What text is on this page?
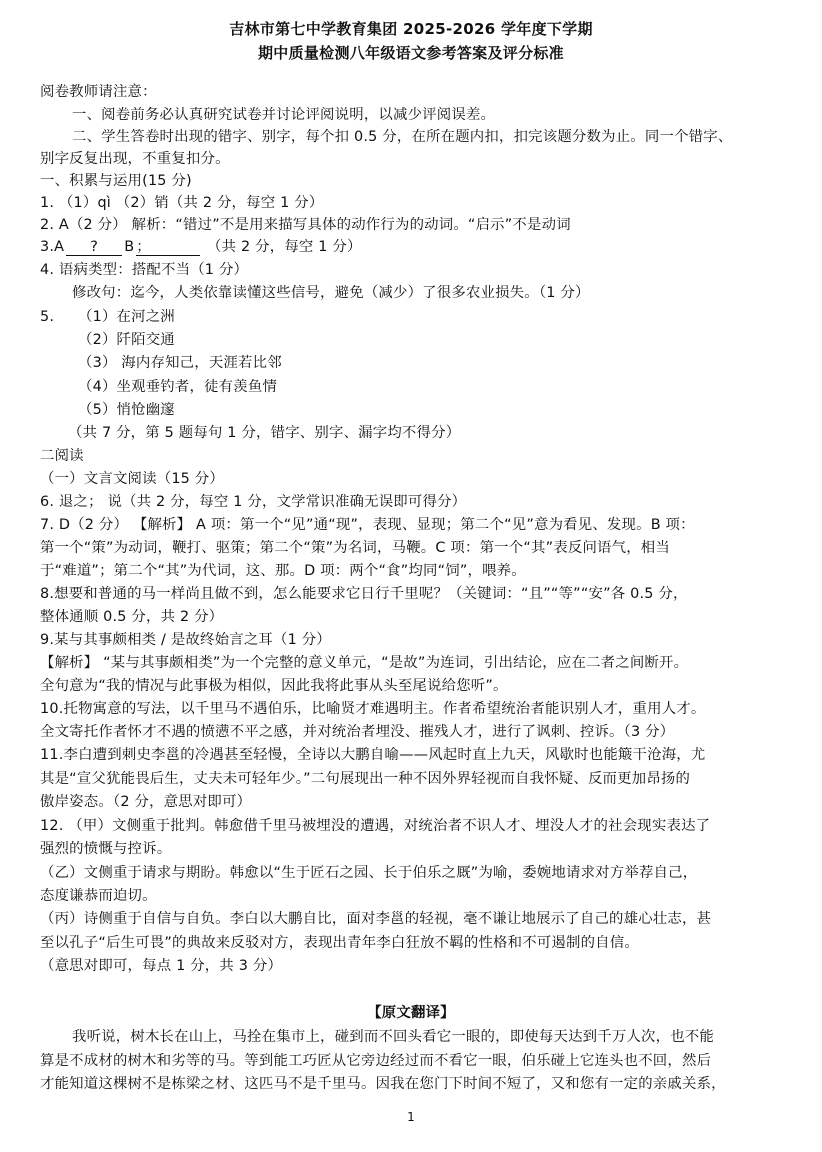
吉林市第七中学教育集团 2025-2026 学年度下学期
期中质量检测八年级语文参考答案及评分标准
阅卷教师请注意：
一、阅卷前务必认真研究试卷并讨论评阅说明，以减少评阅误差。
二、学生答卷时出现的错字、别字，每个扣 0.5 分，在所在题内扣，扣完该题分数为止。同一个错字、
别字反复出现，不重复扣分。
一、积累与运用(15 分)
1. （1）qì （2）销（共 2 分，每空 1 分）
2. A（2 分） 解析：“错过”不是用来描写具体的动作行为的动词。“启示”不是动词
3.A ? B ；	（共 2 分，每空 1 分）
4. 语病类型：搭配不当（1 分）
修改句：迄今，人类依靠读懂这些信号，避免（减少）了很多农业损失。（1 分）
5.	（1）在河之洲
（2）阡陌交通
（3） 海内存知己，天涯若比邻
（4）坐观垂钓者，徒有羡鱼情
（5）悄怆幽邃
（共 7 分，第 5 题每句 1 分，错字、别字、漏字均不得分）
二阅读
（一）文言文阅读（15 分）
6. 退之； 说（共 2 分，每空 1 分，文学常识准确无误即可得分）
7. D（2 分） 【解析】 A 项：第一个“见”通“现”，表现、显现；第二个“见”意为看见、发现。B 项：
第一个“策”为动词，鞭打、驱策；第二个“策”为名词，马鞭。C 项：第一个“其”表反问语气，相当
于“难道”；第二个“其”为代词，这、那。D 项：两个“食”均同“饲”，喂养。
8.想要和普通的马一样尚且做不到，怎么能要求它日行千里呢？（关键词：“且”“等”“安”各 0.5 分，
整体通顺 0.5 分，共 2 分）
9.某与其事颇相类 / 是故终始言之耳（1 分）
【解析】 “某与其事颇相类”为一个完整的意义单元，“是故”为连词，引出结论，应在二者之间断开。
全句意为“我的情况与此事极为相似，因此我将此事从头至尾说给您听”。
10.托物寓意的写法，以千里马不遇伯乐，比喻贤才难遇明主。作者希望统治者能识别人才，重用人才。
全文寄托作者怀才不遇的愤懑不平之感，并对统治者埋没、摧残人才，进行了讽刺、控诉。（3 分）
11.李白遭到刺史李邕的冷遇甚至轻慢，全诗以大鹏自喻——风起时直上九天，风歇时也能簸干沧海，尤
其是“宣父犹能畏后生，丈夫未可轻年少。”二句展现出一种不因外界轻视而自我怀疑、反而更加昂扬的
傲岸姿态。（2 分，意思对即可）
12. （甲）文侧重于批判。韩愈借千里马被埋没的遭遇，对统治者不识人才、埋没人才的社会现实表达了
强烈的愤慨与控诉。
（乙）文侧重于请求与期盼。韩愈以“生于匠石之园、长于伯乐之厩”为喻，委婉地请求对方举荐自己，
态度谦恭而迫切。
（丙）诗侧重于自信与自负。李白以大鹏自比，面对李邕的轻视，毫不谦让地展示了自己的雄心壮志，甚
至以孔子“后生可畏”的典故来反驳对方，表现出青年李白狂放不羁的性格和不可遏制的自信。
（意思对即可，每点 1 分，共 3 分）
【原文翻译】
我听说，树木长在山上，马拴在集市上，碰到而不回头看它一眼的，即使每天达到千万人次，也不能
算是不成材的树木和劣等的马。等到能工巧匠从它旁边经过而不看它一眼，伯乐碰上它连头也不回，然后
才能知道这棵树不是栋梁之材、这匹马不是千里马。因我在您门下时间不短了，又和您有一定的亲戚关系，
1
